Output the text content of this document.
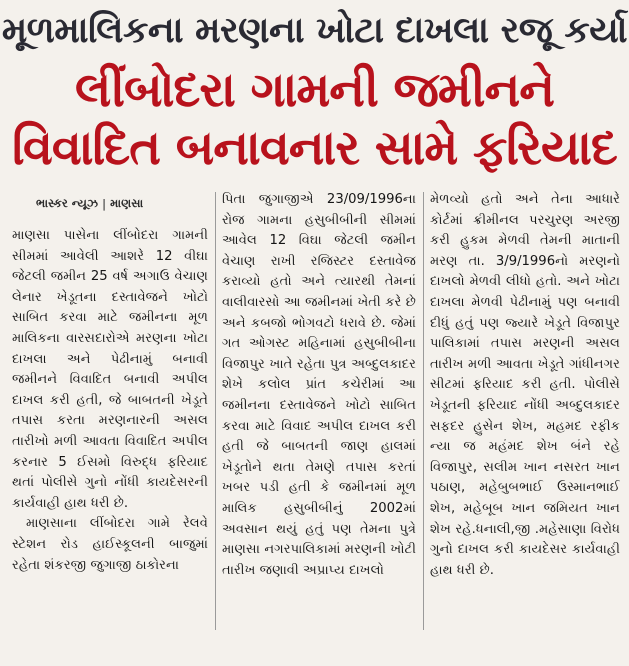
મૂળમાલિકના મરણના ખોટા દાખલા રજૂ કર્યા
લીંબોદરા ગામની જમીનને
વિવાદિત બનાવનાર સામે ફરિયાદ
ભાસ્કર ન્યૂઝ | માણસા

માણસા પાસેના લીંબોદરા ગામની સીમમાં આવેલી આશરે 12 વીઘા જેટલી જમીન 25 વર્ષ અગાઉ વેચાણ લેનાર ખેડૂતના દસ્તાવેજને ખોટો સાબિત કરવા માટે જમીનના મૂળ માલિકના વારસદારોએ મરણના ખોટા દાખલા અને પેઢીનામું બનાવી જમીનને વિવાદિત બનાવી અપીલ દાખલ કરી હતી, જે બાબતની ખેડૂતે તપાસ કરતા મરણનારની અસલ તારીખો મળી આવતા વિવાદિત અપીલ કરનાર 5 ઈસમો વિરુદ્ધ ફરિયાદ થતાં પોલીસે ગુનો નોંધી કાયદેસરની કાર્યવાહી હાથ ધરી છે.

માણસાના લીંબોદરા ગામે રેલવે સ્ટેશન રોડ હાઈસ્કૂલની બાજુમાં રહેતા શંકરજી જુગાજી ઠાકોરના

પિતા જુગાજીએ 23/09/1996ના રોજ ગામના હસુબીબીની સીમમાં આવેલ 12 વિઘા જેટલી જમીન વેચાણ રાખી રજિસ્ટર દસ્તાવેજ કરાવ્યો હતો અને ત્યારથી તેમનાં વાલીવારસો આ જમીનમાં ખેતી કરે છે અને કબજો ભોગવટો ધરાવે છે. જેમાં ગત ઓગસ્ટ મહિનામાં હસુબીબીના વિજાપુર ખાતે રહેતા પુત્ર અબ્દુલકાદર શેખે કલોલ પ્રાંત કચેરીમાં આ જમીનના દસ્તાવેજને ખોટો સાબિત કરવા માટે વિવાદ અપીલ દાખલ કરી હતી જે બાબતની જાણ હાલમાં ખેડૂતોને થતા તેમણે તપાસ કરતાં ખબર પડી હતી કે જમીનમાં મૂળ માલિક હસુબીબીનું 2002માં અવસાન થયું હતું પણ તેમના પુત્રે માણસા નગરપાલિકામાં મરણની ખોટી તારીખ જણાવી અપ્રાપ્ય દાખલો

મેળવ્યો હતો અને તેના આધારે કોર્ટમાં ક્રીમીનલ પરચુરણ અરજી કરી હુકમ મેળવી તેમની માતાની મરણ તા. 3/9/1996નો મરણનો દાખલો મેળવી લીધો હતો. અને ખોટા દાખલા મેળવી પેઢીનામું પણ બનાવી દીધું હતું પણ જ્યારે ખેડૂતે વિજાપુર પાલિકામાં તપાસ મરણની અસલ તારીખ મળી આવતા ખેડૂતે ગાંધીનગર સીટમાં ફરિયાદ કરી હતી. પોલીસે ખેડૂતની ફરિયાદ નોંધી અબ્દુલકાદર સફદર હુસેન શેખ, મહમદ રફીક ન્યા જ મહંમદ શેખ બંને રહે વિજાપુર, સલીમ ખાન નસરત ખાન પઠાણ, મહેબુબભાઈ ઉસ્માનભાઈ શેખ, મહેબૂબ ખાન જમિયત ખાન શેખ રહે.ધનાલી,જી .મહેસાણા વિરોધ ગુનો દાખલ કરી કાયદેસર કાર્યવાહી હાથ ધરી છે.
